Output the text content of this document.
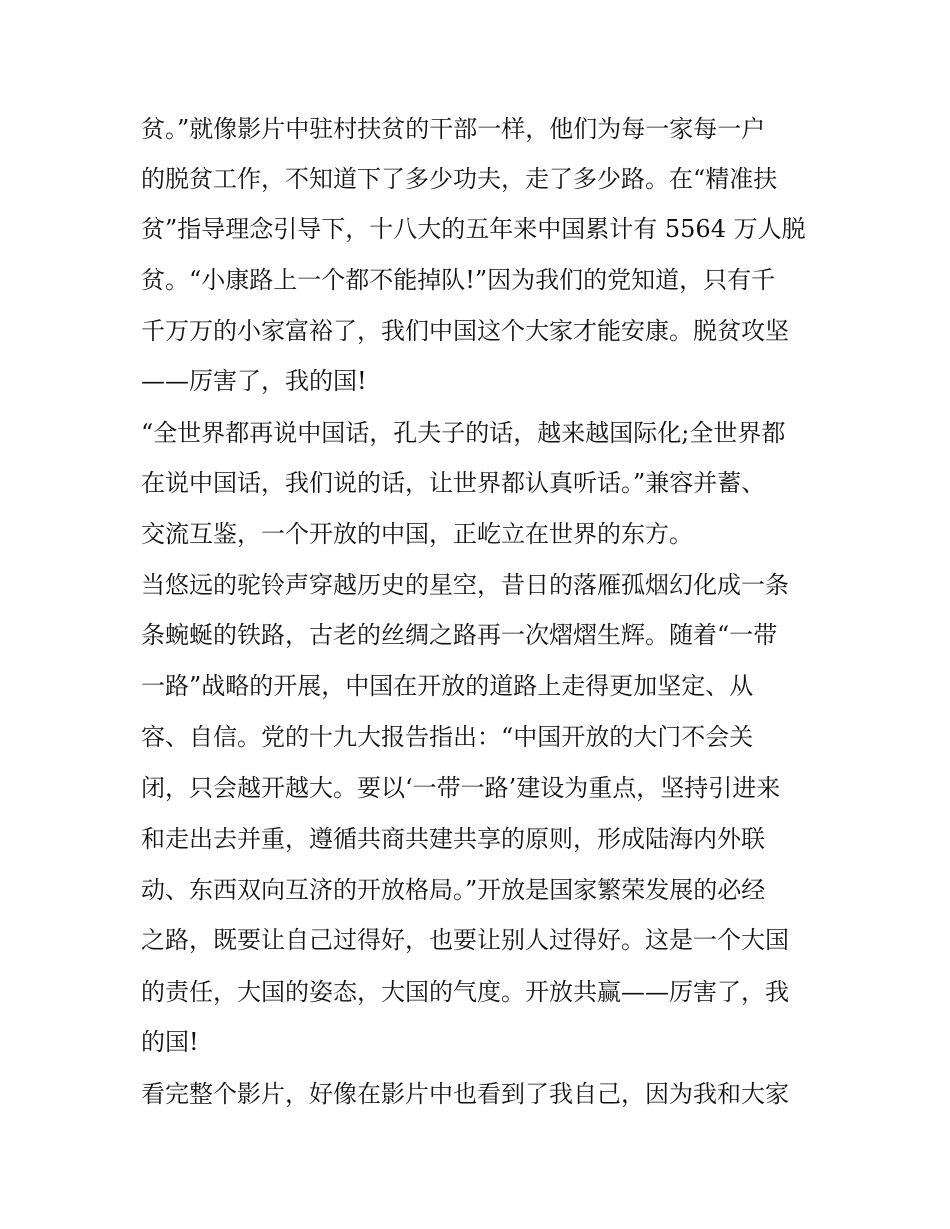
贫。”就像影片中驻村扶贫的干部一样，他们为每一家每一户
的脱贫工作，不知道下了多少功夫，走了多少路。在“精准扶
贫”指导理念引导下，十八大的五年来中国累计有 5564 万人脱
贫。“小康路上一个都不能掉队!”因为我们的党知道，只有千
千万万的小家富裕了，我们中国这个大家才能安康。脱贫攻坚
——厉害了，我的国!
“全世界都再说中国话，孔夫子的话，越来越国际化;全世界都
在说中国话，我们说的话，让世界都认真听话。”兼容并蓄、
交流互鉴，一个开放的中国，正屹立在世界的东方。
当悠远的驼铃声穿越历史的星空，昔日的落雁孤烟幻化成一条
条蜿蜒的铁路，古老的丝绸之路再一次熠熠生辉。随着“一带
一路”战略的开展，中国在开放的道路上走得更加坚定、从
容、自信。党的十九大报告指出：“中国开放的大门不会关
闭，只会越开越大。要以‘一带一路’建设为重点，坚持引进来
和走出去并重，遵循共商共建共享的原则，形成陆海内外联
动、东西双向互济的开放格局。”开放是国家繁荣发展的必经
之路，既要让自己过得好，也要让别人过得好。这是一个大国
的责任，大国的姿态，大国的气度。开放共赢——厉害了，我
的国!
看完整个影片，好像在影片中也看到了我自己，因为我和大家
